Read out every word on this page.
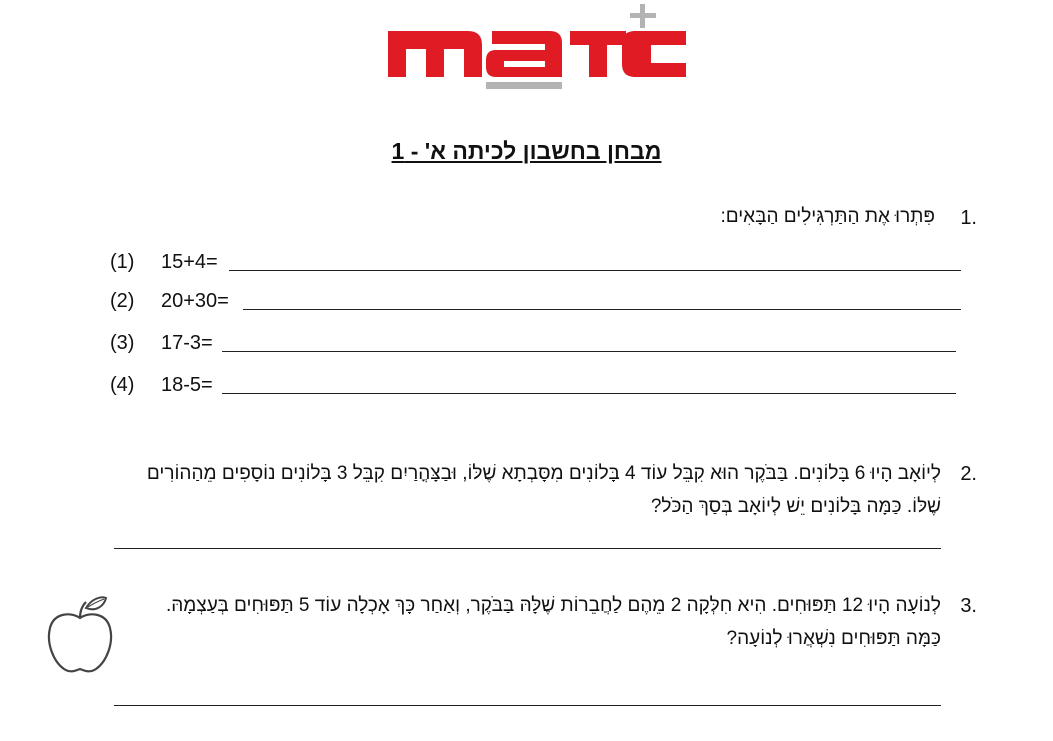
מבחן בחשבון לכיתה א' - 1
1.
פִּתְרוּ אֶת הַתַּרְגִּילִים הַבָּאִים:
(1) 15+4=
(2) 20+30=
(3) 17-3=
(4) 18-5=
2.
לְיוֹאָב הָיוּ 6 בָּלוֹנִים. בַּבֹּקֶר הוּא קִבֵּל עוֹד 4 בָּלוֹנִים מִסָּבְתָא שֶׁלּוֹ, וּבַצָּהֳרַיִם קִבֵּל 3 בָּלוֹנִים נוֹסָפִים מֵהַהוֹרִים שֶׁלּוֹ. כַּמָּה בָּלוֹנִים יֵשׁ לְיוֹאָב בְּסַךְ הַכֹּל?
3.
לְנוֹעָה הָיוּ 12 תַּפּוּחִים. הִיא חִלְּקָה 2 מֵהֶם לַחֲבֵרוֹת שֶׁלָּהּ בַּבֹּקֶר, וְאַחַר כָּךְ אָכְלָה עוֹד 5 תַּפּוּחִים בְּעַצְמָהּ. כַּמָּה תַּפּוּחִים נִשְׁאֲרוּ לְנוֹעָה?
